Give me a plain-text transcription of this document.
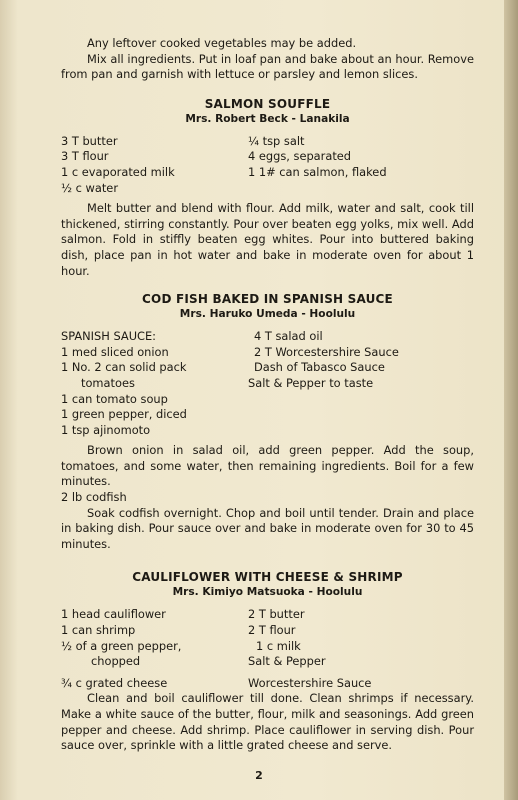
Any leftover cooked vegetables may be added.

Mix all ingredients. Put in loaf pan and bake about an hour. Remove from pan and garnish with lettuce or parsley and lemon slices.

SALMON SOUFFLE
Mrs. Robert Beck - Lanakila
3 T butter
3 T flour
1 c evaporated milk
½ c water
¼ tsp salt
4 eggs, separated
1 1# can salmon, flaked

Melt butter and blend with flour. Add milk, water and salt, cook till thickened, stirring constantly. Pour over beaten egg yolks, mix well. Add salmon. Fold in stiffly beaten egg whites. Pour into buttered baking dish, place pan in hot water and bake in moderate oven for about 1 hour.

COD FISH BAKED IN SPANISH SAUCE
Mrs. Haruko Umeda - Hoolulu
SPANISH SAUCE:
1 med sliced onion
1 No. 2 can solid pack
tomatoes
1 can tomato soup
1 green pepper, diced
1 tsp ajinomoto
4 T salad oil
2 T Worcestershire Sauce
Dash of Tabasco Sauce
Salt & Pepper to taste

Brown onion in salad oil, add green pepper. Add the soup, tomatoes, and some water, then remaining ingredients. Boil for a few minutes.

2 lb codfish

Soak codfish overnight. Chop and boil until tender. Drain and place in baking dish. Pour sauce over and bake in moderate oven for 30 to 45 minutes.

CAULIFLOWER WITH CHEESE & SHRIMP
Mrs. Kimiyo Matsuoka - Hoolulu
1 head cauliflower
1 can shrimp
½ of a green pepper,
chopped
2 T butter
2 T flour
1 c milk
Salt & Pepper
¾ c grated cheese	Worcestershire Sauce

Clean and boil cauliflower till done. Clean shrimps if necessary. Make a white sauce of the butter, flour, milk and seasonings. Add green pepper and cheese. Add shrimp. Place cauliflower in serving dish. Pour sauce over, sprinkle with a little grated cheese and serve.

2
